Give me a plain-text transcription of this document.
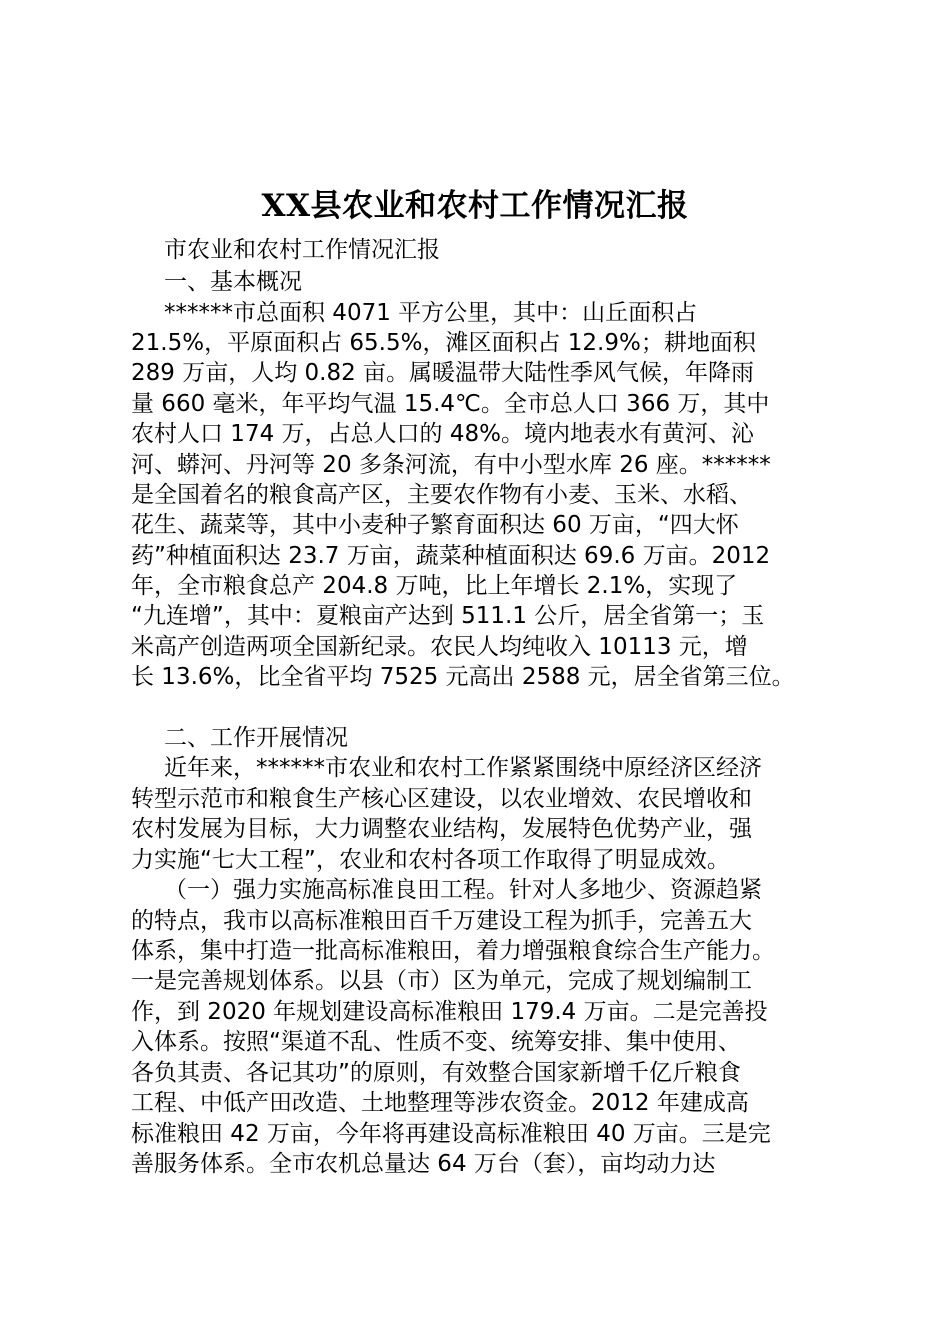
XX县农业和农村工作情况汇报
市农业和农村工作情况汇报
一、基本概况
******市总面积 4071 平方公里，其中：山丘面积占
21.5%，平原面积占 65.5%，滩区面积占 12.9%；耕地面积
289 万亩，人均 0.82 亩。属暖温带大陆性季风气候，年降雨
量 660 毫米，年平均气温 15.4℃。全市总人口 366 万，其中
农村人口 174 万，占总人口的 48%。境内地表水有黄河、沁
河、蟒河、丹河等 20 多条河流，有中小型水库 26 座。******
是全国着名的粮食高产区，主要农作物有小麦、玉米、水稻、
花生、蔬菜等，其中小麦种子繁育面积达 60 万亩，“四大怀
药”种植面积达 23.7 万亩，蔬菜种植面积达 69.6 万亩。2012
年，全市粮食总产 204.8 万吨，比上年增长 2.1%，实现了
“九连增”，其中：夏粮亩产达到 511.1 公斤，居全省第一；玉
米高产创造两项全国新纪录。农民人均纯收入 10113 元，增
长 13.6%，比全省平均 7525 元高出 2588 元，居全省第三位。
二、工作开展情况
近年来，******市农业和农村工作紧紧围绕中原经济区经济
转型示范市和粮食生产核心区建设，以农业增效、农民增收和
农村发展为目标，大力调整农业结构，发展特色优势产业，强
力实施“七大工程”，农业和农村各项工作取得了明显成效。
（一）强力实施高标准良田工程。针对人多地少、资源趋紧
的特点，我市以高标准粮田百千万建设工程为抓手，完善五大
体系，集中打造一批高标准粮田，着力增强粮食综合生产能力。
一是完善规划体系。以县（市）区为单元，完成了规划编制工
作，到 2020 年规划建设高标准粮田 179.4 万亩。二是完善投
入体系。按照“渠道不乱、性质不变、统筹安排、集中使用、
各负其责、各记其功”的原则，有效整合国家新增千亿斤粮食
工程、中低产田改造、土地整理等涉农资金。2012 年建成高
标准粮田 42 万亩，今年将再建设高标准粮田 40 万亩。三是完
善服务体系。全市农机总量达 64 万台（套），亩均动力达
